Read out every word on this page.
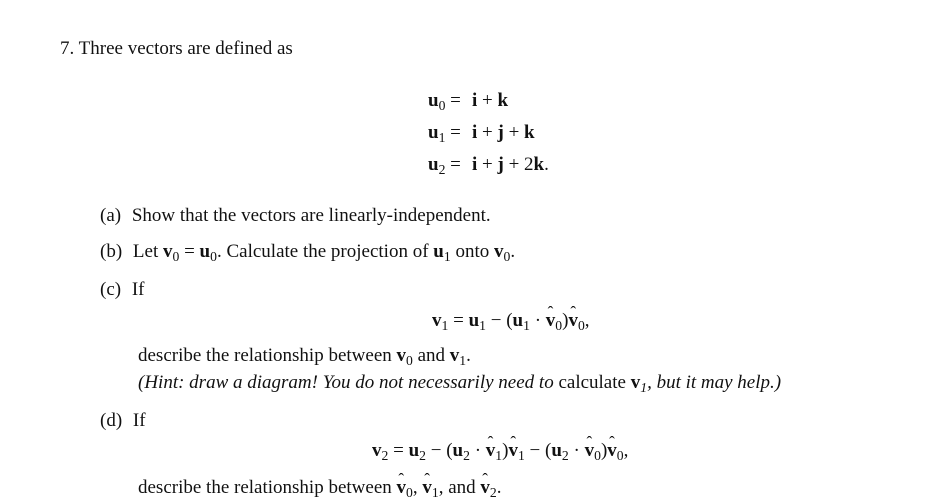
7. Three vectors are defined as
$u_0 = i + k$
$u_1 = i + j + k$
$u_2 = i + j + 2k$.
(a) Show that the vectors are linearly-independent.
(b) Let $v_0 = u_0$. Calculate the projection of $u_1$ onto $v_0$.
(c) If
$v_1 = u_1 - (u_1$ · ˆ $v_0)ˆ$ $v_0$,
describe the relationship between $v_0$ and $v_1$.
(Hint: draw a diagram! You do not necessarily need to calculate $v_1$, but it may help.)
(d) If
$v_2 = u_2 - (u_2$ · ˆ $v_1)ˆ$ $v_1 - (u_2$ · ˆ $v_0)ˆ$ $v_0$,
describe the relationship between ˆ $v_0$, ˆ $v_1$, and ˆ $v_2$.
